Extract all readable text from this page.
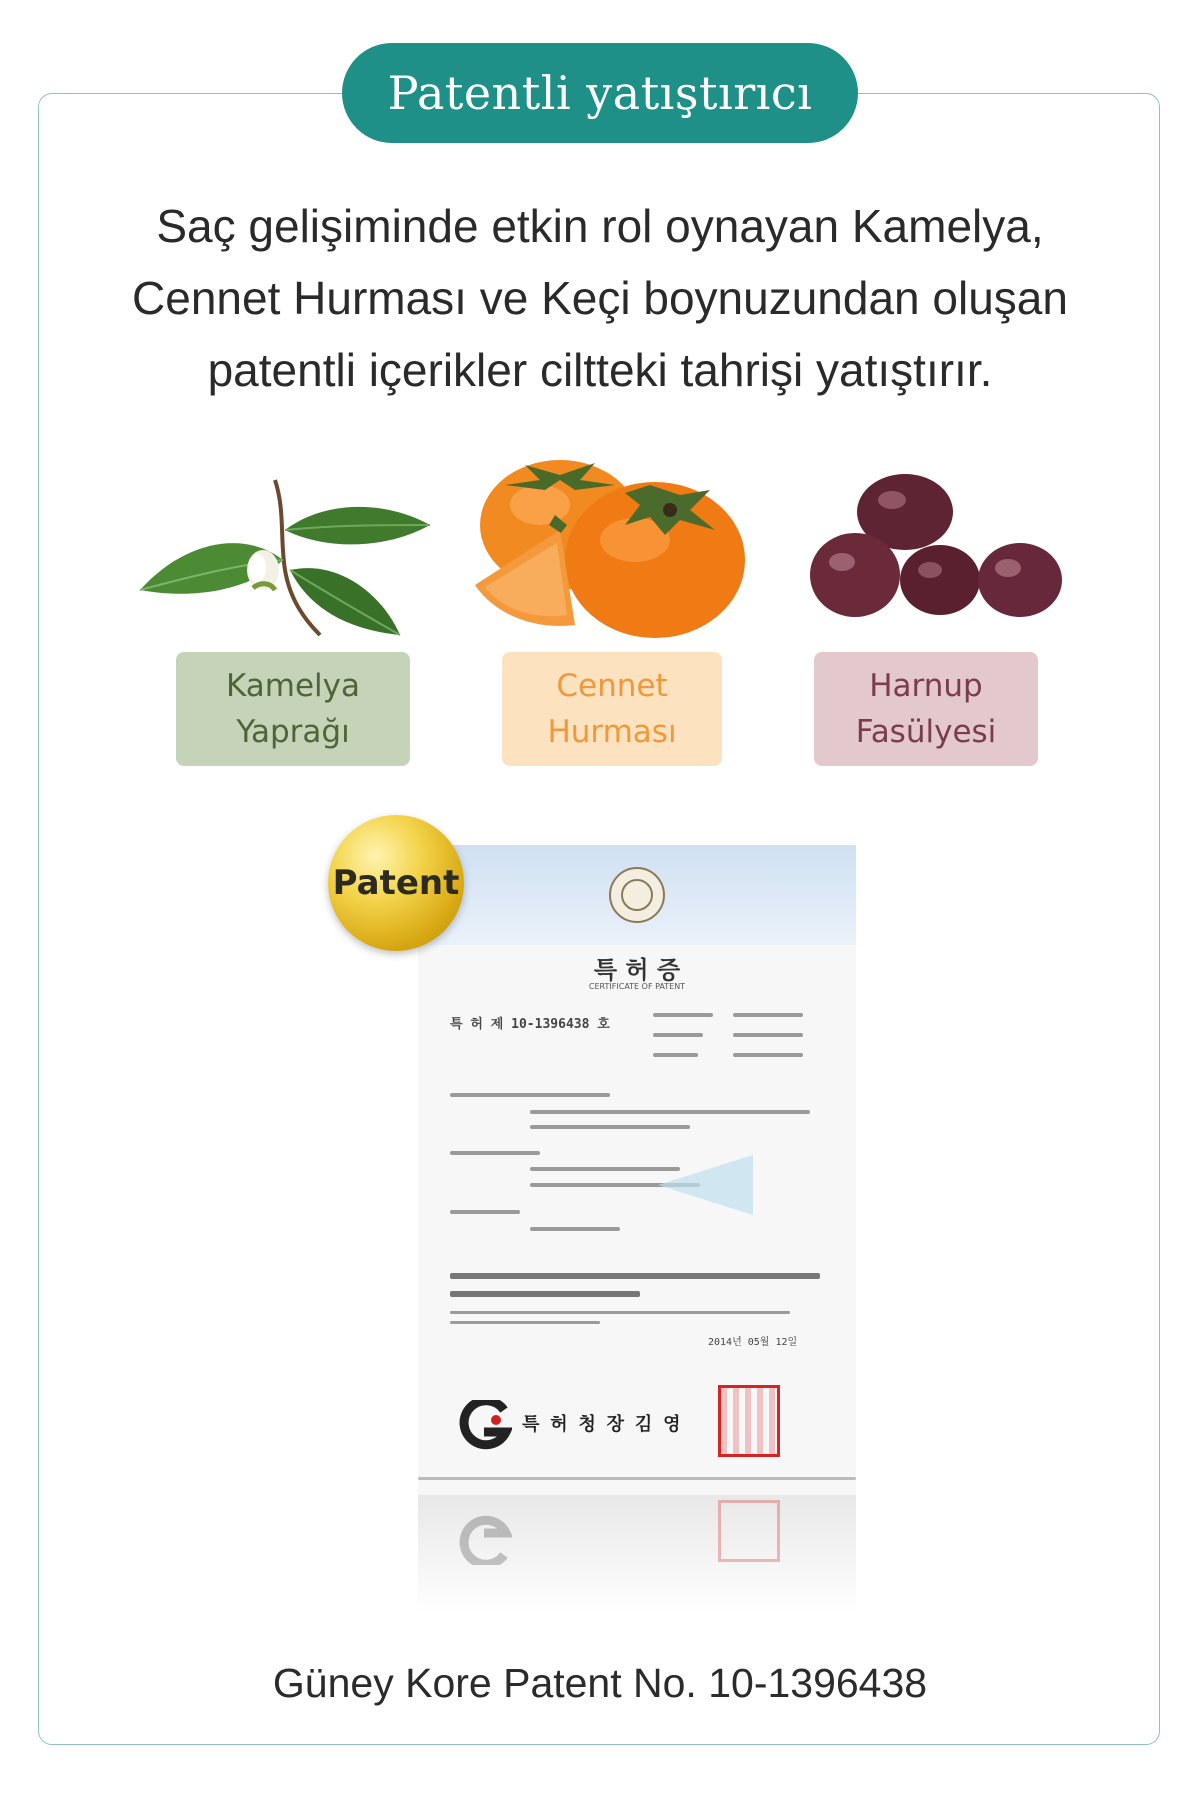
Patentli yatıştırıcı
Saç gelişiminde etkin rol oynayan Kamelya,
Cennet Hurması ve Keçi boynuzundan oluşan
patentli içerikler ciltteki tahrişi yatıştırır.
Kamelya
Yaprağı
Cennet
Hurması
Harnup
Fasülyesi
특 허 증
CERTIFICATE OF PATENT
특 허 제 10-1396438 호
2014년 05월 12일
특 허 청 장 김 영
Patent
Güney Kore Patent No. 10-1396438
